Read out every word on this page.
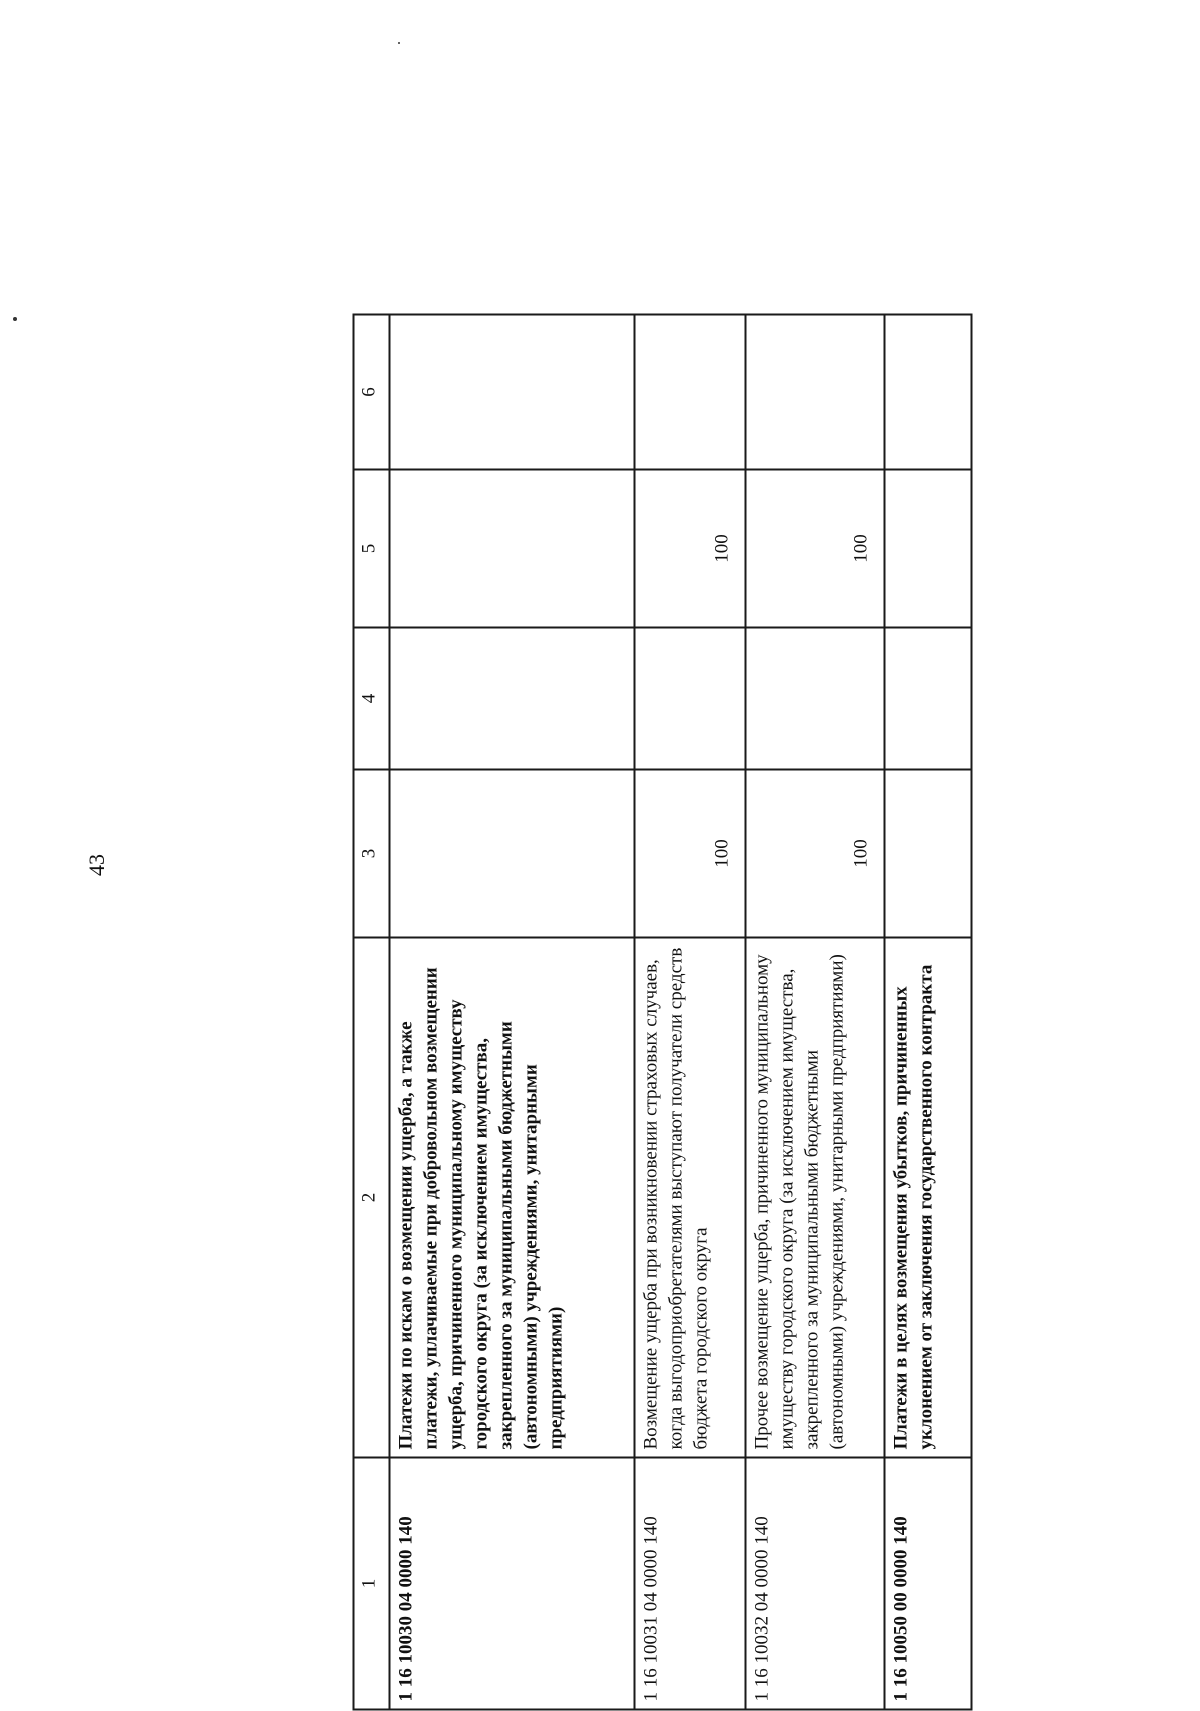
43
1	2	3	4	5	6
1 16 10030 04 0000 140	Платежи по искам о возмещении ущерба, а также платежи, уплачиваемые при добровольном возмещении ущерба, причиненного муниципальному имуществу городского округа (за исключением имущества, закрепленного за муниципальными бюджетными (автономными) учреждениями, унитарными предприятиями)				
1 16 10031 04 0000 140	Возмещение ущерба при возникновении страховых случаев, когда выгодоприобретателями выступают получатели средств бюджета городского округа	100		100	
1 16 10032 04 0000 140	Прочее возмещение ущерба, причиненного муниципальному имуществу городского округа (за исключением имущества, закрепленного за муниципальными бюджетными (автономными) учреждениями, унитарными предприятиями)	100		100	
1 16 10050 00 0000 140	Платежи в целях возмещения убытков, причиненных уклонением от заключения государственного контракта				
